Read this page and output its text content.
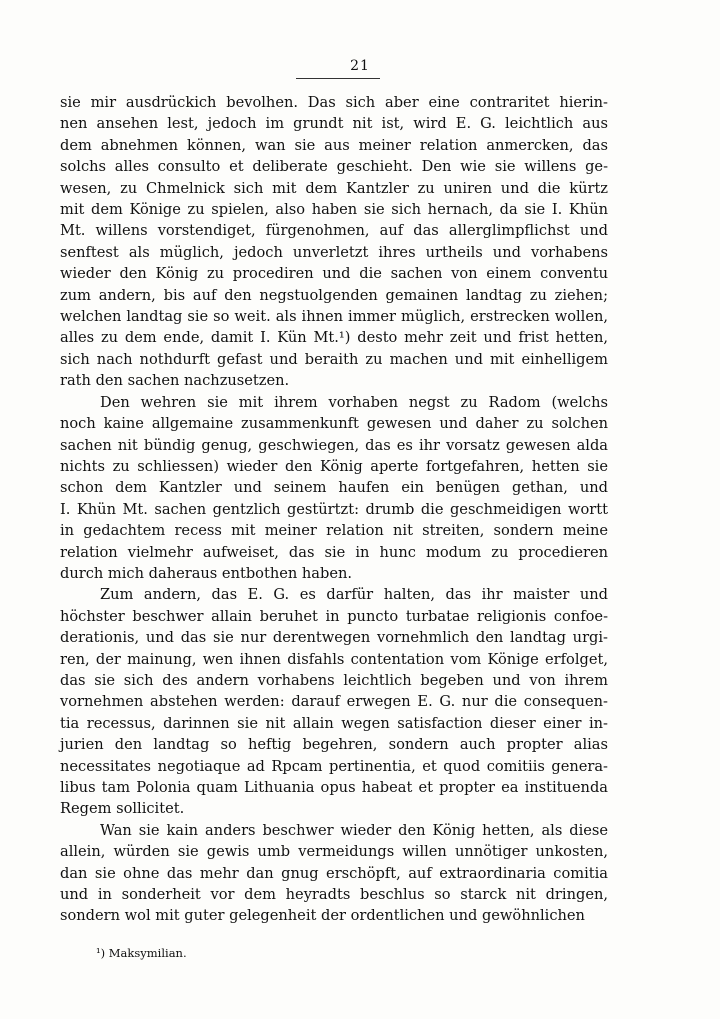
21
sie mir ausdrückich bevolhen. Das sich aber eine contraritet hierin-
nen ansehen lest, jedoch im grundt nit ist, wird E. G. leichtlich aus
dem abnehmen können, wan sie aus meiner relation anmercken, das
solchs alles consulto et deliberate geschieht. Den wie sie willens ge-
wesen, zu Chmelnick sich mit dem Kantzler zu uniren und die kürtz
mit dem Könige zu spielen, also haben sie sich hernach, da sie I. Khün
Mt. willens vorstendiget, fürgenohmen, auf das allerglimpflichst und
senftest als müglich, jedoch unverletzt ihres urtheils und vorhabens
wieder den König zu procediren und die sachen von einem conventu
zum andern, bis auf den negstuolgenden gemainen landtag zu ziehen;
welchen landtag sie so weit. als ihnen immer müglich, erstrecken wollen,
alles zu dem ende, damit I. Kün Mt.¹) desto mehr zeit und frist hetten,
sich nach nothdurft gefast und beraith zu machen und mit einhelligem
rath den sachen nachzusetzen.
Den wehren sie mit ihrem vorhaben negst zu Radom (welchs
noch kaine allgemaine zusammenkunft gewesen und daher zu solchen
sachen nit bündig genug, geschwiegen, das es ihr vorsatz gewesen alda
nichts zu schliessen) wieder den König aperte fortgefahren, hetten sie
schon dem Kantzler und seinem haufen ein benügen gethan, und
I. Khün Mt. sachen gentzlich gestürtzt: drumb die geschmeidigen wortt
in gedachtem recess mit meiner relation nit streiten, sondern meine
relation vielmehr aufweiset, das sie in hunc modum zu procedieren
durch mich daheraus entbothen haben.
Zum andern, das E. G. es darfür halten, das ihr maister und
höchster beschwer allain beruhet in puncto turbatae religionis confoe-
derationis, und das sie nur derentwegen vornehmlich den landtag urgi-
ren, der mainung, wen ihnen disfahls contentation vom Könige erfolget,
das sie sich des andern vorhabens leichtlich begeben und von ihrem
vornehmen abstehen werden: darauf erwegen E. G. nur die consequen-
tia recessus, darinnen sie nit allain wegen satisfaction dieser einer in-
jurien den landtag so heftig begehren, sondern auch propter alias
necessitates negotiaque ad Rpcam pertinentia, et quod comitiis genera-
libus tam Polonia quam Lithuania opus habeat et propter ea instituenda
Regem sollicitet.
Wan sie kain anders beschwer wieder den König hetten, als diese
allein, würden sie gewis umb vermeidungs willen unnötiger unkosten,
dan sie ohne das mehr dan gnug erschöpft, auf extraordinaria comitia
und in sonderheit vor dem heyradts beschlus so starck nit dringen,
sondern wol mit guter gelegenheit der ordentlichen und gewöhnlichen
¹) Maksymilian.
